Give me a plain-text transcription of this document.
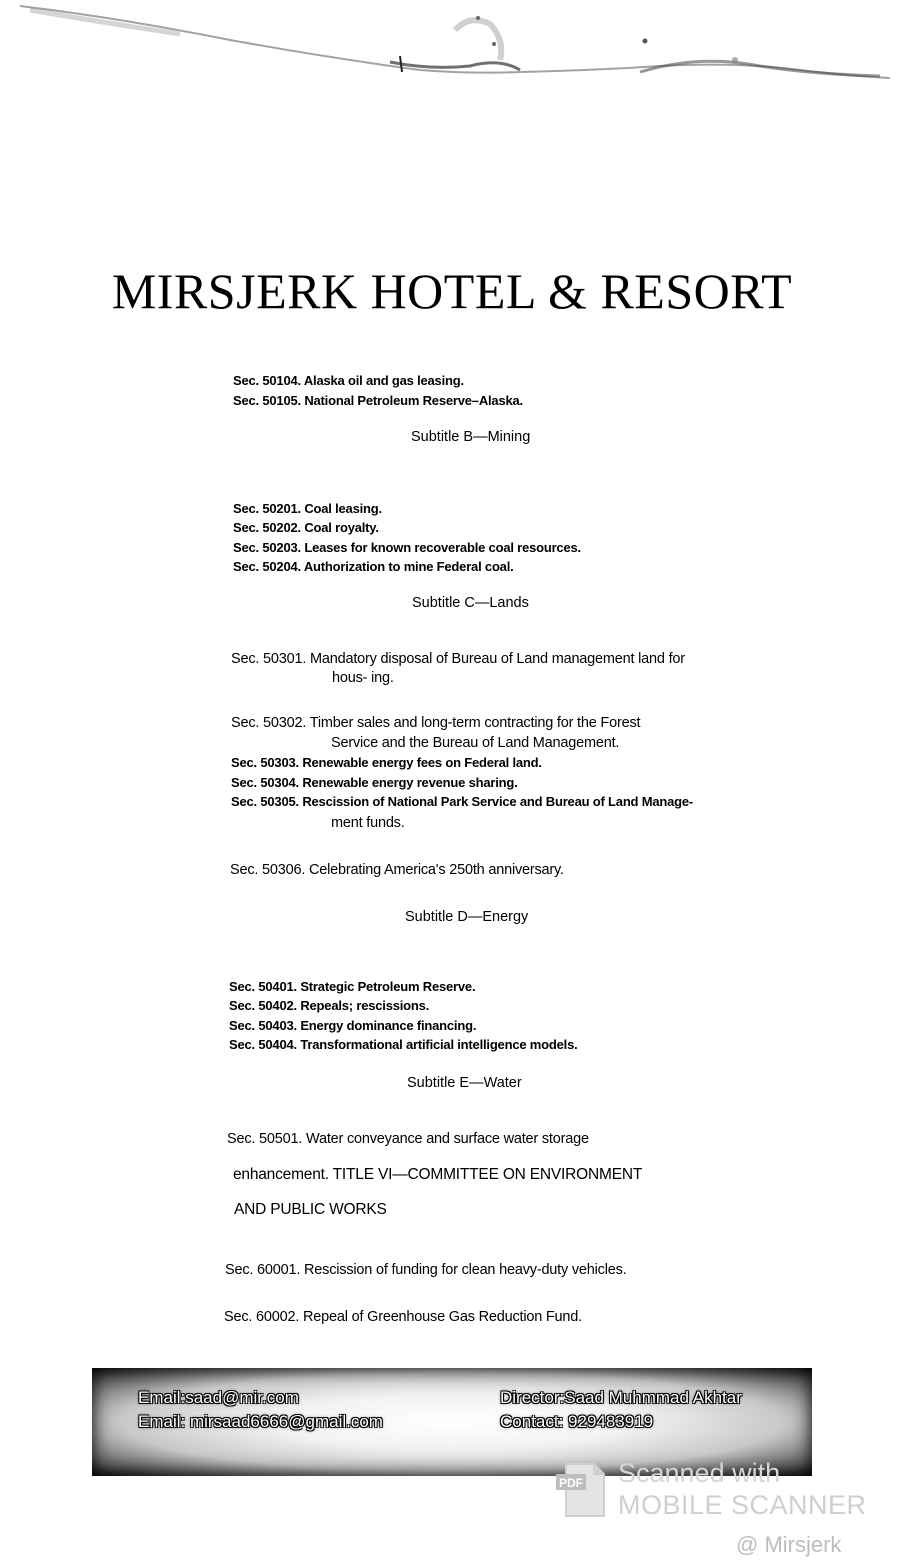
MIRSJERK HOTEL & RESORT
Sec. 50104. Alaska oil and gas leasing.
Sec. 50105. National Petroleum Reserve–Alaska.
Subtitle B—Mining
Sec. 50201. Coal leasing.
Sec. 50202. Coal royalty.
Sec. 50203. Leases for known recoverable coal resources.
Sec. 50204. Authorization to mine Federal coal.
Subtitle C—Lands
Sec. 50301. Mandatory disposal of Bureau of Land management land for
hous- ing.
Sec. 50302. Timber sales and long-term contracting for the Forest
Service and the Bureau of Land Management.
Sec. 50303. Renewable energy fees on Federal land.
Sec. 50304. Renewable energy revenue sharing.
Sec. 50305. Rescission of National Park Service and Bureau of Land Manage-
ment funds.
Sec. 50306. Celebrating America's 250th anniversary.
Subtitle D—Energy
Sec. 50401. Strategic Petroleum Reserve.
Sec. 50402. Repeals; rescissions.
Sec. 50403. Energy dominance financing.
Sec. 50404. Transformational artificial intelligence models.
Subtitle E—Water
Sec. 50501. Water conveyance and surface water storage
enhancement. TITLE VI—COMMITTEE ON ENVIRONMENT
AND PUBLIC WORKS
Sec. 60001. Rescission of funding for clean heavy-duty vehicles.
Sec. 60002. Repeal of Greenhouse Gas Reduction Fund.
Email:saad@mir.com
Email: mirsaad6666@gmail.com
Director:Saad Muhmmad Akhtar
Contact: 929483919
PDF Scanned with
MOBILE SCANNER
@ Mirsjerk
